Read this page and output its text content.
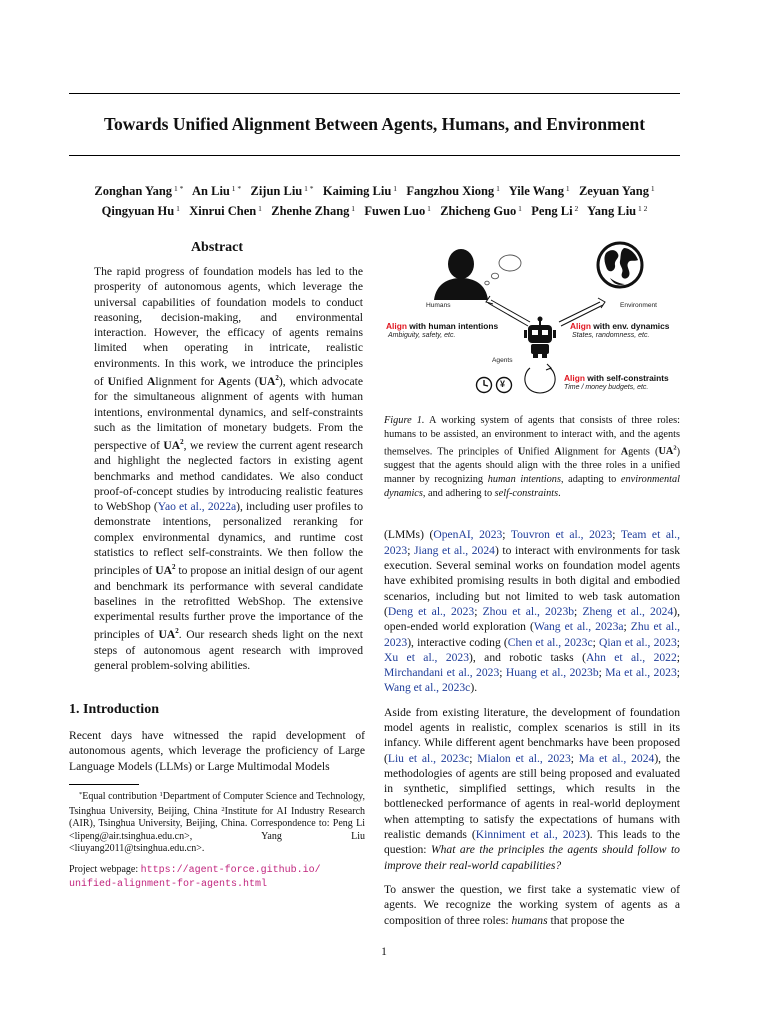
Towards Unified Alignment Between Agents, Humans, and Environment
Zonghan Yang $^{1 *}$ An Liu $^{1 *}$ Zijun Liu $^{1 *}$ Kaiming Liu $^1$ Fangzhou Xiong $^1$ Yile Wang $^1$ Zeyuan Yang $^1$
Qingyuan Hu $^1$ Xinrui Chen $^1$ Zhenhe Zhang $^1$ Fuwen Luo $^1$ Zhicheng Guo $^1$ Peng Li $^2$ Yang Liu $^{1 2}$
Abstract
The rapid progress of foundation models has led to the prosperity of autonomous agents, which leverage the universal capabilities of foundation models to conduct reasoning, decision-making, and environmental interaction. However, the efficacy of agents remains limited when operating in intricate, realistic environments. In this work, we introduce the principles of Unified Alignment for Agents $(UA^2)$, which advocate for the simultaneous alignment of agents with human intentions, environmental dynamics, and self-constraints such as the limitation of monetary budgets. From the perspective of $UA^2$, we review the current agent research and highlight the neglected factors in existing agent benchmarks and method candidates. We also conduct proof-of-concept studies by introducing realistic features to WebShop (Yao et al., 2022a), including user profiles to demonstrate intentions, personalized reranking for complex environmental dynamics, and runtime cost statistics to reflect self-constraints. We then follow the principles of $UA^2$ to propose an initial design of our agent and benchmark its performance with several candidate baselines in the retrofitted WebShop. The extensive experimental results further prove the importance of the principles of $UA^2$. Our research sheds light on the next steps of autonomous agent research with improved general problem-solving abilities.
1. Introduction

Recent days have witnessed the rapid development of autonomous agents, which leverage the proficiency of Large Language Models (LLMs) or Large Multimodal Models

*Equal contribution $^1$Department of Computer Science and Technology, Tsinghua University, Beijing, China $^2$Institute for AI Industry Research (AIR), Tsinghua University, Beijing, China. Correspondence to: Peng Li <lipeng@air.tsinghua.edu.cn>, Yang Liu <liuyang2011@tsinghua.edu.cn>.
Project webpage: https://agent-force.github.io/
unified-alignment-for-agents.html
¥
Humans	Environment
Agents
Align with human intentions
Ambiguity, safety, etc.
Align with env. dynamics
States, randomness, etc.
Align with self-constraints
Time / money budgets, etc.
Figure 1. A working system of agents that consists of three roles: humans to be assisted, an environment to interact with, and the agents themselves. The principles of Unified Alignment for Agents $(UA^2)$ suggest that the agents should align with the three roles in a unified manner by recognizing human intentions, adapting to environmental dynamics, and adhering to self-constraints.

(LMMs) (OpenAI, 2023; Touvron et al., 2023; Team et al., 2023; Jiang et al., 2024) to interact with environments for task execution. Several seminal works on foundation model agents have exhibited promising results in both digital and embodied scenarios, including but not limited to web task automation (Deng et al., 2023; Zhou et al., 2023b; Zheng et al., 2024), open-ended world exploration (Wang et al., 2023a; Zhu et al., 2023), interactive coding (Chen et al., 2023c; Qian et al., 2023; Xu et al., 2023), and robotic tasks (Ahn et al., 2022; Mirchandani et al., 2023; Huang et al., 2023b; Ma et al., 2023; Wang et al., 2023c).

Aside from existing literature, the development of foundation model agents in realistic, complex scenarios is still in its infancy. While different agent benchmarks have been proposed (Liu et al., 2023c; Mialon et al., 2023; Ma et al., 2024), the methodologies of agents are still being proposed and evaluated in synthetic, simplified settings, which results in the bottlenecked performance of agents in real-world deployment when attempting to satisfy the expectations of humans with realistic demands (Kinniment et al., 2023). This leads to the question: What are the principles the agents should follow to improve their real-world capabilities?

To answer the question, we first take a systematic view of agents. We recognize the working system of agents as a composition of three roles: humans that propose the

1
